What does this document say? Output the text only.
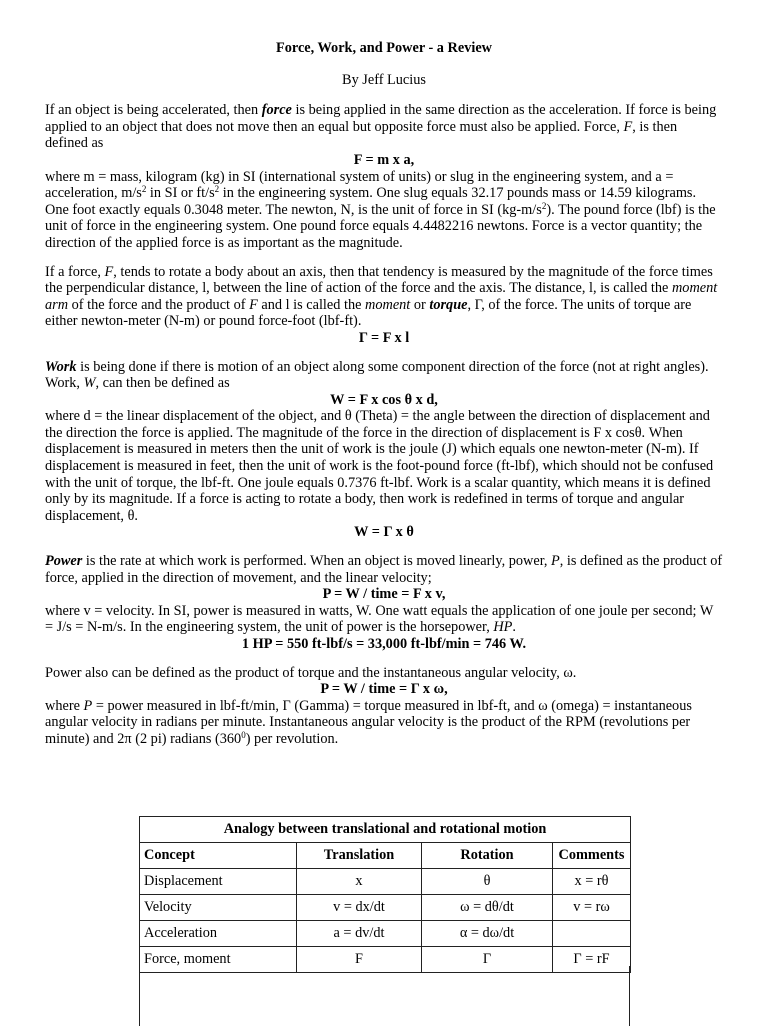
Force, Work, and Power - a Review
By Jeff Lucius

If an object is being accelerated, then force is being applied in the same direction as the acceleration. If force is being applied to an object that does not move then an equal but opposite force must also be applied. Force, F, is then defined as
F = m x a,
where m = mass, kilogram (kg) in SI (international system of units) or slug in the engineering system, and a = acceleration, $m/s^2$ in SI or $ft/s^2$ in the engineering system. One slug equals 32.17 pounds mass or 14.59 kilograms. One foot exactly equals 0.3048 meter. The newton, N, is the unit of force in SI $(kg-m/s^2)$. The pound force (lbf) is the unit of force in the engineering system. One pound force equals 4.4482216 newtons. Force is a vector quantity; the direction of the applied force is as important as the magnitude.

If a force, F, tends to rotate a body about an axis, then that tendency is measured by the magnitude of the force times the perpendicular distance, l, between the line of action of the force and the axis. The distance, l, is called the moment arm of the force and the product of F and l is called the moment or torque, Γ, of the force. The units of torque are either newton-meter (N-m) or pound force-foot (lbf-ft).
Γ = F x l

Work is being done if there is motion of an object along some component direction of the force (not at right angles). Work, W, can then be defined as
W = F x cos θ x d,
where d = the linear displacement of the object, and θ (Theta) = the angle between the direction of displacement and the direction the force is applied. The magnitude of the force in the direction of displacement is F x cosθ. When displacement is measured in meters then the unit of work is the joule (J) which equals one newton-meter (N-m). If displacement is measured in feet, then the unit of work is the foot-pound force (ft-lbf), which should not be confused with the unit of torque, the lbf-ft. One joule equals 0.7376 ft-lbf. Work is a scalar quantity, which means it is defined only by its magnitude. If a force is acting to rotate a body, then work is redefined in terms of torque and angular displacement, θ.
W = Γ x θ

Power is the rate at which work is performed. When an object is moved linearly, power, P, is defined as the product of force, applied in the direction of movement, and the linear velocity;
P = W / time = F x v,
where v = velocity. In SI, power is measured in watts, W. One watt equals the application of one joule per second; W = J/s = N-m/s. In the engineering system, the unit of power is the horsepower, HP.
1 HP = 550 ft-lbf/s = 33,000 ft-lbf/min = 746 W.

Power also can be defined as the product of torque and the instantaneous angular velocity, ω.
P = W / time = Γ x ω,
where P = power measured in lbf-ft/min, Γ (Gamma) = torque measured in lbf-ft, and ω (omega) = instantaneous angular velocity in radians per minute. Instantaneous angular velocity is the product of the RPM (revolutions per minute) and 2π (2 pi) radians $(360^0)$ per revolution.

Analogy between translational and rotational motion			
Concept	Translation	Rotation	Comments
Displacement	x	θ	x = rθ
Velocity	v = dx/dt	ω = dθ/dt	v = rω
Acceleration	a = dv/dt	α = dω/dt	
Force, moment	F	Γ	Γ = rF
